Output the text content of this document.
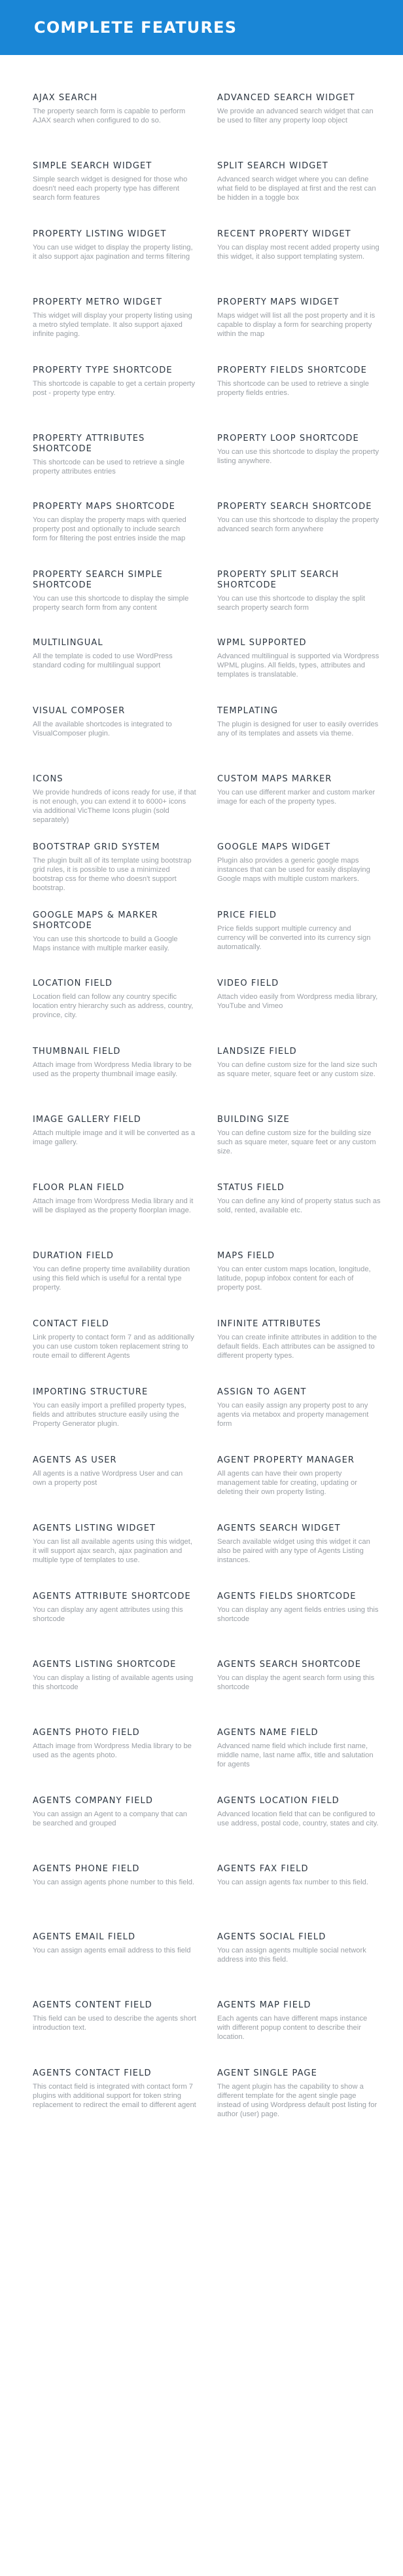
COMPLETE FEATURES
AJAX SEARCH

The property search form is capable to perform AJAX search when configured to do so.

ADVANCED SEARCH WIDGET

We provide an advanced search widget that can be used to filter any property loop object

SIMPLE SEARCH WIDGET

Simple search widget is designed for those who doesn't need each property type has different search form features

SPLIT SEARCH WIDGET

Advanced search widget where you can define what field to be displayed at first and the rest can be hidden in a toggle box

PROPERTY LISTING WIDGET

You can use widget to display the property listing, it also support ajax pagination and terms filtering

RECENT PROPERTY WIDGET

You can display most recent added property using this widget, it also support templating system.

PROPERTY METRO WIDGET

This widget will display your property listing using a metro styled template. It also support ajaxed infinite paging.

PROPERTY MAPS WIDGET

Maps widget will list all the post property and it is capable to display a form for searching property within the map

PROPERTY TYPE SHORTCODE

This shortcode is capable to get a certain property post - property type entry.

PROPERTY FIELDS SHORTCODE

This shortcode can be used to retrieve a single property fields entries.

PROPERTY ATTRIBUTES SHORTCODE

This shortcode can be used to retrieve a single property attributes entries

PROPERTY LOOP SHORTCODE

You can use this shortcode to display the property listing anywhere.

PROPERTY MAPS SHORTCODE

You can display the property maps with queried property post and optionally to include search form for filtering the post entries inside the map

PROPERTY SEARCH SHORTCODE

You can use this shortcode to display the property advanced search form anywhere

PROPERTY SEARCH SIMPLE SHORTCODE

You can use this shortcode to display the simple property search form from any content

PROPERTY SPLIT SEARCH SHORTCODE

You can use this shortcode to display the split search property search form

MULTILINGUAL

All the template is coded to use WordPress standard coding for multilingual support

WPML SUPPORTED

Advanced multilingual is supported via Wordpress WPML plugins. All fields, types, attributes and templates is translatable.

VISUAL COMPOSER

All the available shortcodes is integrated to VisualComposer plugin.

TEMPLATING

The plugin is designed for user to easily overrides any of its templates and assets via theme.

ICONS

We provide hundreds of icons ready for use, if that is not enough, you can extend it to 6000+ icons via additional VicTheme Icons plugin (sold separately)

CUSTOM MAPS MARKER

You can use different marker and custom marker image for each of the property types.

BOOTSTRAP GRID SYSTEM

The plugin built all of its template using bootstrap grid rules, it is possible to use a minimized bootstrap css for theme who doesn't support bootstrap.

GOOGLE MAPS WIDGET

Plugin also provides a generic google maps instances that can be used for easily displaying Google maps with multiple custom markers.

GOOGLE MAPS & MARKER SHORTCODE

You can use this shortcode to build a Google Maps instance with multiple marker easily.

PRICE FIELD

Price fields support multiple currency and currency will be converted into its currency sign automatically.

LOCATION FIELD

Location field can follow any country specific location entry hierarchy such as address, country, province, city.

VIDEO FIELD

Attach video easily from Wordpress media library, YouTube and Vimeo

THUMBNAIL FIELD

Attach image from Wordpress Media library to be used as the property thumbnail image easily.

LANDSIZE FIELD

You can define custom size for the land size such as square meter, square feet or any custom size.

IMAGE GALLERY FIELD

Attach multiple image and it will be converted as a image gallery.

BUILDING SIZE

You can define custom size for the building size such as square meter, square feet or any custom size.

FLOOR PLAN FIELD

Attach image from Wordpress Media library and it will be displayed as the property floorplan image.

STATUS FIELD

You can define any kind of property status such as sold, rented, available etc.

DURATION FIELD

You can define property time availability duration using this field which is useful for a rental type property.

MAPS FIELD

You can enter custom maps location, longitude, latitude, popup infobox content for each of property post.

CONTACT FIELD

Link property to contact form 7 and as additionally you can use custom token replacement string to route email to different Agents

INFINITE ATTRIBUTES

You can create infinite attributes in addition to the default fields. Each attributes can be assigned to different property types.

IMPORTING STRUCTURE

You can easily import a prefilled property types, fields and attributes structure easily using the Property Generator plugin.

ASSIGN TO AGENT

You can easily assign any property post to any agents via metabox and property management form

AGENTS AS USER

All agents is a native Wordpress User and can own a property post

AGENT PROPERTY MANAGER

All agents can have their own property management table for creating, updating or deleting their own property listing.

AGENTS LISTING WIDGET

You can list all available agents using this widget, it will support ajax search, ajax pagination and multiple type of templates to use.

AGENTS SEARCH WIDGET

Search available widget using this widget it can also be paired with any type of Agents Listing instances.

AGENTS ATTRIBUTE SHORTCODE

You can display any agent attributes using this shortcode

AGENTS FIELDS SHORTCODE

You can display any agent fields entries using this shortcode

AGENTS LISTING SHORTCODE

You can display a listing of available agents using this shortcode

AGENTS SEARCH SHORTCODE

You can display the agent search form using this shortcode

AGENTS PHOTO FIELD

Attach image from Wordpress Media library to be used as the agents photo.

AGENTS NAME FIELD

Advanced name field which include first name, middle name, last name affix, title and salutation for agents

AGENTS COMPANY FIELD

You can assign an Agent to a company that can be searched and grouped

AGENTS LOCATION FIELD

Advanced location field that can be configured to use address, postal code, country, states and city.

AGENTS PHONE FIELD

You can assign agents phone number to this field.

AGENTS FAX FIELD

You can assign agents fax number to this field.

AGENTS EMAIL FIELD

You can assign agents email address to this field

AGENTS SOCIAL FIELD

You can assign agents multiple social network address into this field.

AGENTS CONTENT FIELD

This field can be used to describe the agents short introduction text.

AGENTS MAP FIELD

Each agents can have different maps instance with different popup content to describe their location.

AGENTS CONTACT FIELD

This contact field is integrated with contact form 7 plugins with additional support for token string replacement to redirect the email to different agent

AGENT SINGLE PAGE

The agent plugin has the capability to show a different template for the agent single page instead of using Wordpress default post listing for author (user) page.
